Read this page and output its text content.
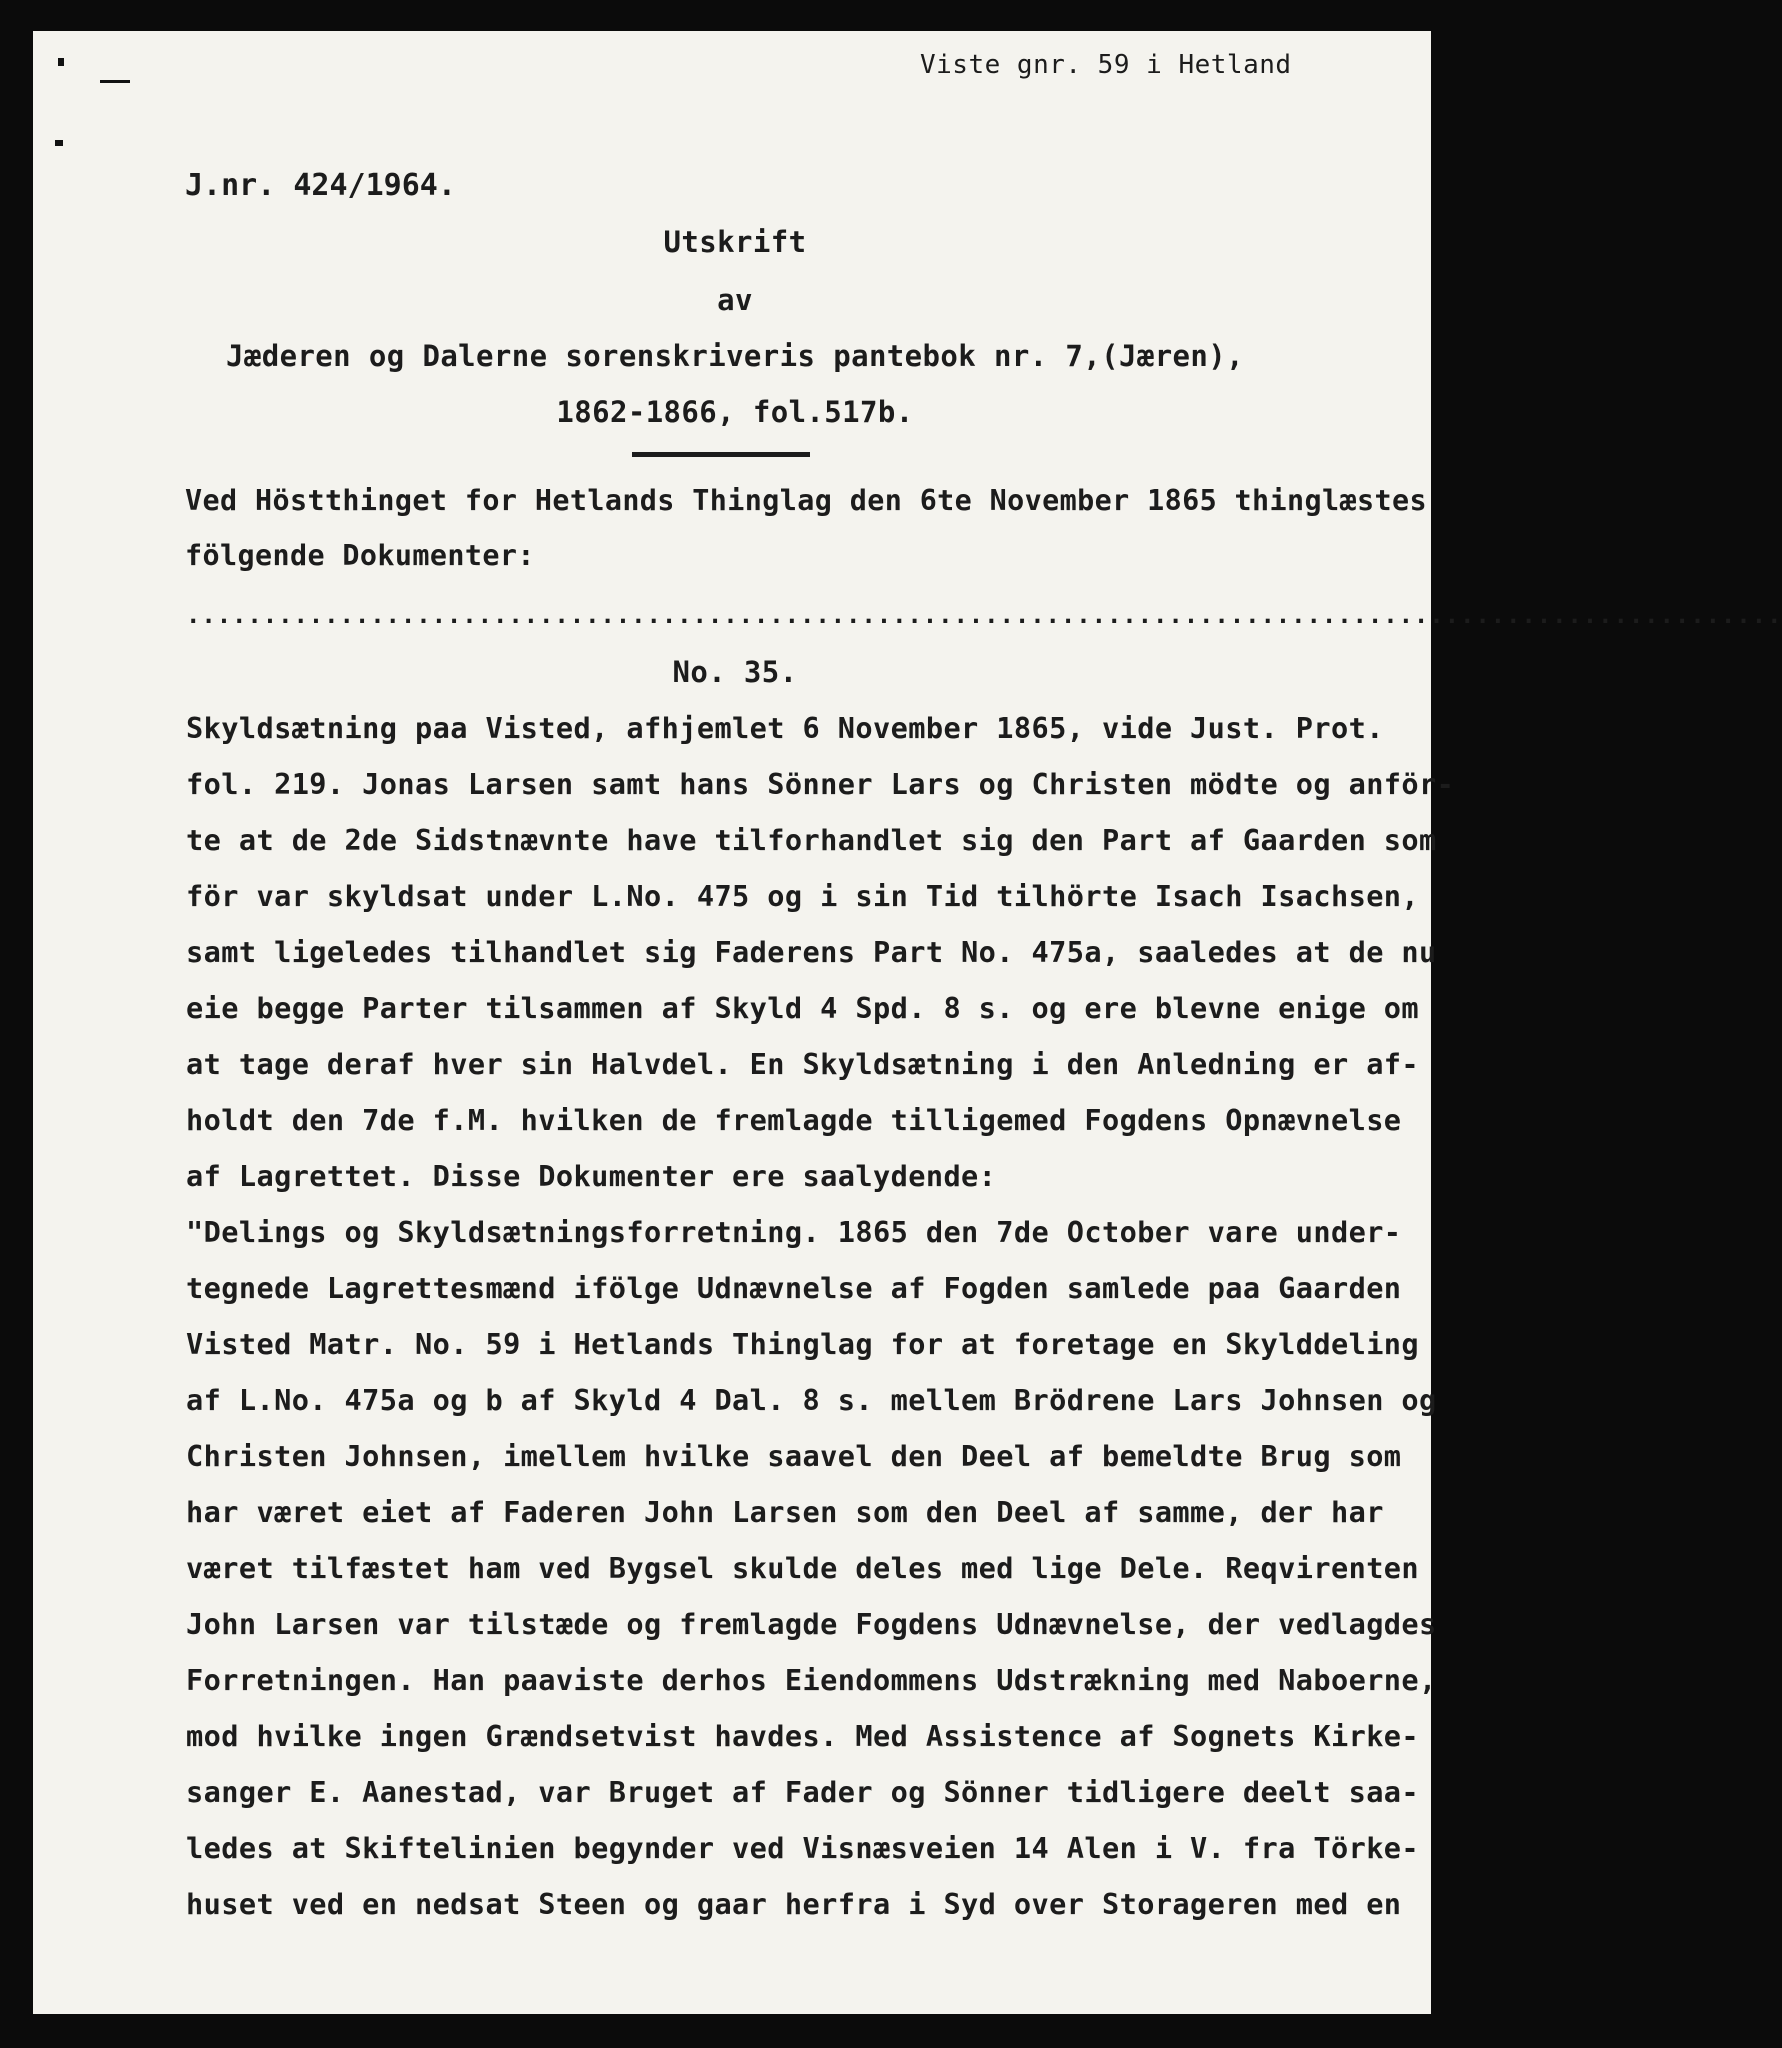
Viste gnr. 59 i Hetland
J.nr. 424/1964.
Utskrift
av
Jæderen og Dalerne sorenskriveris pantebok nr. 7,(Jæren),
1862-1866, fol.517b.
Ved Höstthinget for Hetlands Thinglag den 6te November 1865 thinglæstes
fölgende Dokumenter:
........................................................................................................
No. 35.
Skyldsætning paa Visted, afhjemlet 6 November 1865, vide Just. Prot.
fol. 219. Jonas Larsen samt hans Sönner Lars og Christen mödte og anför-
te at de 2de Sidstnævnte have tilforhandlet sig den Part af Gaarden som
för var skyldsat under L.No. 475 og i sin Tid tilhörte Isach Isachsen,
samt ligeledes tilhandlet sig Faderens Part No. 475a, saaledes at de nu
eie begge Parter tilsammen af Skyld 4 Spd. 8 s. og ere blevne enige om
at tage deraf hver sin Halvdel. En Skyldsætning i den Anledning er af-
holdt den 7de f.M. hvilken de fremlagde tilligemed Fogdens Opnævnelse
af Lagrettet. Disse Dokumenter ere saalydende:
"Delings og Skyldsætningsforretning. 1865 den 7de October vare under-
tegnede Lagrettesmænd ifölge Udnævnelse af Fogden samlede paa Gaarden
Visted Matr. No. 59 i Hetlands Thinglag for at foretage en Skylddeling
af L.No. 475a og b af Skyld 4 Dal. 8 s. mellem Brödrene Lars Johnsen og
Christen Johnsen, imellem hvilke saavel den Deel af bemeldte Brug som
har været eiet af Faderen John Larsen som den Deel af samme, der har
været tilfæstet ham ved Bygsel skulde deles med lige Dele. Reqvirenten
John Larsen var tilstæde og fremlagde Fogdens Udnævnelse, der vedlagdes
Forretningen. Han paaviste derhos Eiendommens Udstrækning med Naboerne,
mod hvilke ingen Grændsetvist havdes. Med Assistence af Sognets Kirke-
sanger E. Aanestad, var Bruget af Fader og Sönner tidligere deelt saa-
ledes at Skiftelinien begynder ved Visnæsveien 14 Alen i V. fra Törke-
huset ved en nedsat Steen og gaar herfra i Syd over Storageren med en
